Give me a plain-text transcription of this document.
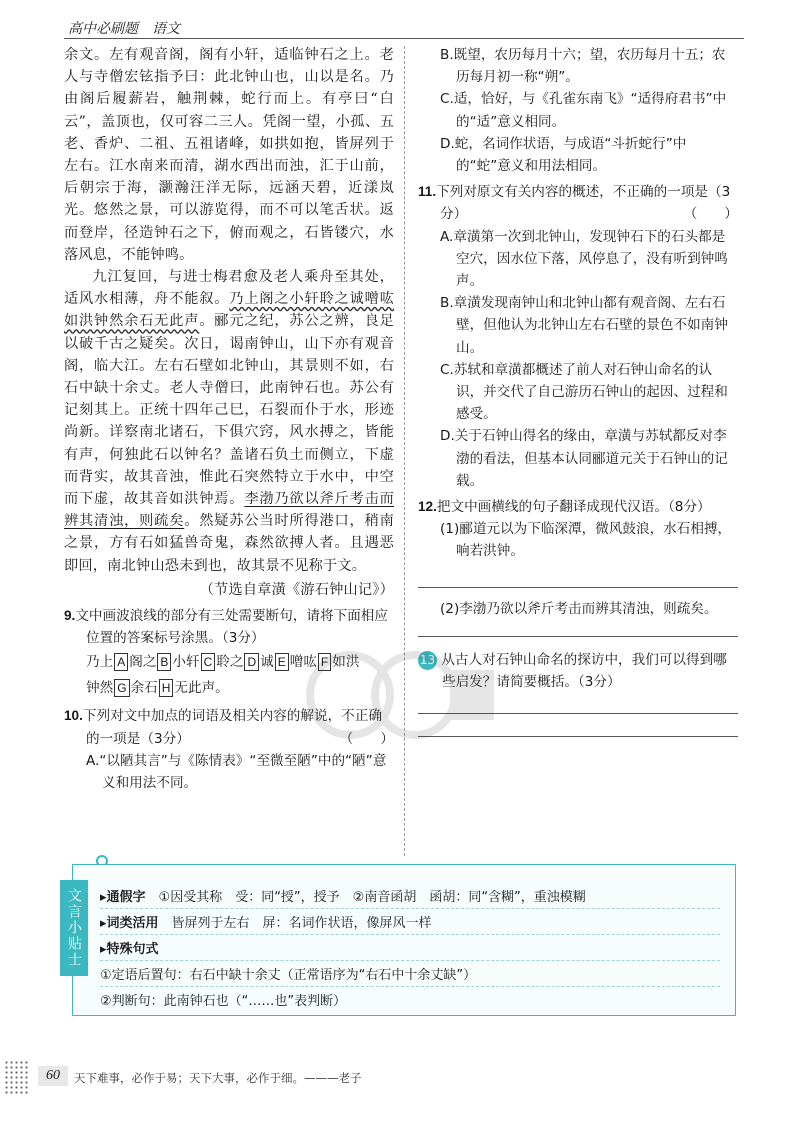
高中必刷题　语文

余文。左有观音阁，阁有小轩，适临钟石之上。老人与寺僧宏铉指予曰：此北钟山也，山以是名。乃由阁后履薪岩，触荆棘，蛇行而上。有亭曰“白云”，盖顶也，仅可容二三人。凭阁一望，小孤、五老、香炉、二祖、五祖诸峰，如拱如抱，皆屏列于左右。江水南来而清，湖水西出而浊，汇于山前，后朝宗于海，灏瀚汪洋无际，远涵天碧，近漾岚光。悠然之景，可以游览得，而不可以笔舌状。返而登岸，径造钟石之下，俯而观之，石皆镂穴，水落风息，不能钟鸣。

九江复回，与进士梅君愈及老人乘舟至其处，适风水相薄，舟不能叙。乃上阁之小轩聆之诚噌吰如洪钟然余石无此声。郦元之纪，苏公之辨，良足以破千古之疑矣。次日，谒南钟山，山下亦有观音阁，临大江。左右石壁如北钟山，其景则不如，右石中缺十余丈。老人寺僧曰，此南钟石也。苏公有记刻其上。正统十四年己巳，石裂而仆于水，形迹尚新。详察南北诸石，下俱穴窍，风水搏之，皆能有声，何独此石以钟名？盖诸石负土而侧立，下虚而背实，故其音浊，惟此石突然特立于水中，中空而下虚，故其音如洪钟焉。李渤乃欲以斧斤考击而辨其清浊，则疏矣。然疑苏公当时所得港口，稍南之景，方有石如猛兽奇鬼，森然欲搏人者。且遇恶即回，南北钟山恐未到也，故其景不见称于文。

（节选自章潢《游石钟山记》）

9.文中画波浪线的部分有三处需要断句，请将下面相应位置的答案标号涂黑。（3分）

乃上 A 阁之 B 小轩 C 聆之 D 诚 E 噌吰 F 如洪
钟然 G 余石 H 无此声。

10.下列对文中加点的词语及相关内容的解说，不正确的一项是（3分）	（　　）

A.“以陋其言”与《陈情表》“至微至陋”中的“陋”意义和用法不同。

B.既望，农历每月十六；望，农历每月十五；农历每月初一称“朔”。

C.适，恰好，与《孔雀东南飞》“适得府君书”中的“适”意义相同。

D.蛇，名词作状语，与成语“斗折蛇行”中的“蛇”意义和用法相同。

11.下列对原文有关内容的概述，不正确的一项是（3分）	（　　）

A.章潢第一次到北钟山，发现钟石下的石头都是空穴，因水位下落，风停息了，没有听到钟鸣声。

B.章潢发现南钟山和北钟山都有观音阁、左右石壁，但他认为北钟山左右石壁的景色不如南钟山。

C.苏轼和章潢都概述了前人对石钟山命名的认识，并交代了自己游历石钟山的起因、过程和感受。

D.关于石钟山得名的缘由，章潢与苏轼都反对李渤的看法，但基本认同郦道元关于石钟山的记载。

12.把文中画横线的句子翻译成现代汉语。（8分）

(1)郦道元以为下临深潭，微风鼓浪，水石相搏，响若洪钟。

(2)李渤乃欲以斧斤考击而辨其清浊，则疏矣。

13 从古人对石钟山命名的探访中，我们可以得到哪些启发？请简要概括。（3分）

文言小贴士	▸通假字　 ①因受其称　受：同“授”，授予　②南音函胡　函胡：同“含糊”，重浊模糊
▸词类活用　 皆屏列于左右　屏：名词作状语，像屏风一样
▸特殊句式
①定语后置句：右石中缺十余丈（正常语序为“右石中十余丈缺”）
②判断句：此南钟石也（“……也”表判断）
60	天下难事，必作于易；天下大事，必作于细。———老子
